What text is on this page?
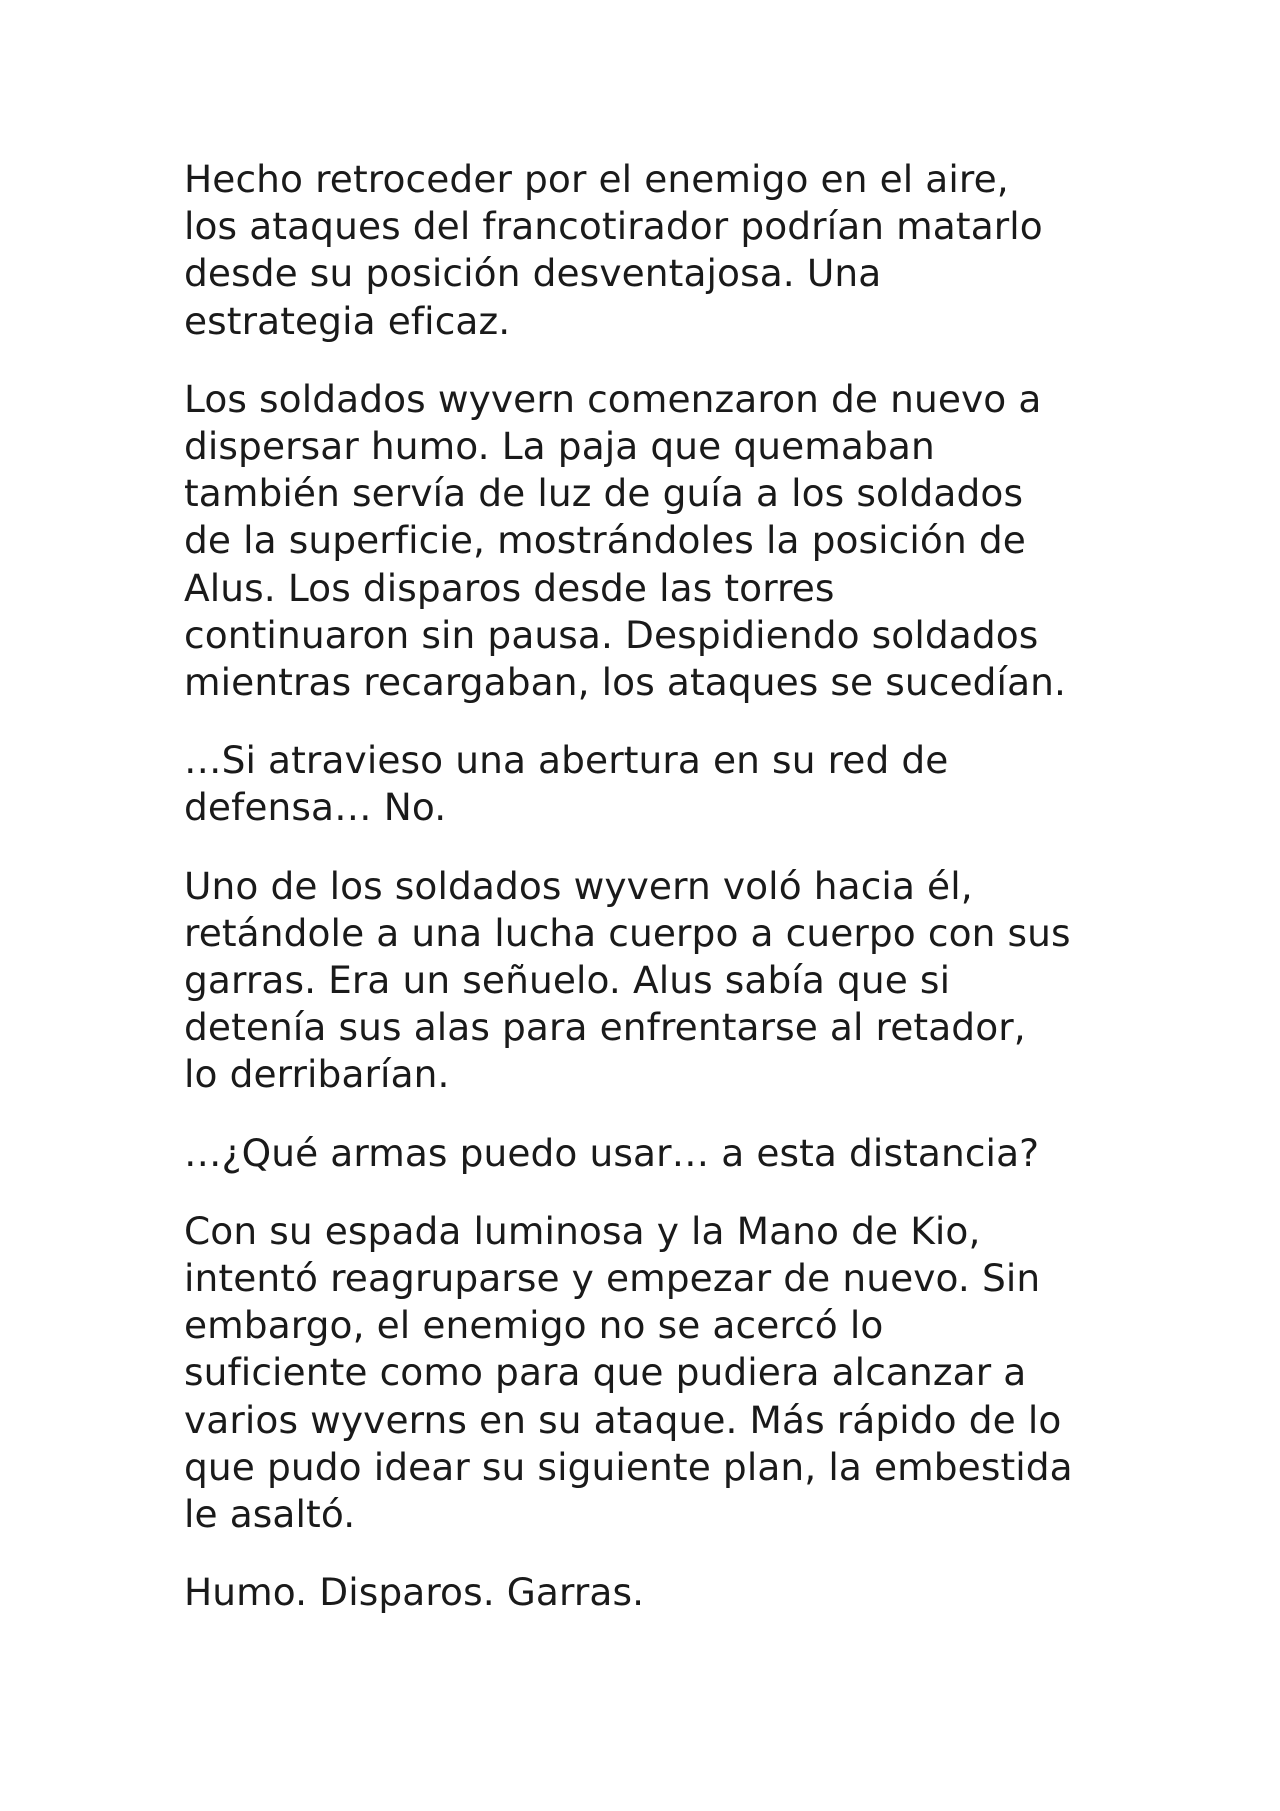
Hecho retroceder por el enemigo en el aire,
los ataques del francotirador podrían matarlo
desde su posición desventajosa. Una
estrategia eficaz.

Los soldados wyvern comenzaron de nuevo a
dispersar humo. La paja que quemaban
también servía de luz de guía a los soldados
de la superficie, mostrándoles la posición de
Alus. Los disparos desde las torres
continuaron sin pausa. Despidiendo soldados
mientras recargaban, los ataques se sucedían.

…Si atravieso una abertura en su red de
defensa… No.

Uno de los soldados wyvern voló hacia él,
retándole a una lucha cuerpo a cuerpo con sus
garras. Era un señuelo. Alus sabía que si
detenía sus alas para enfrentarse al retador,
lo derribarían.

…¿Qué armas puedo usar… a esta distancia?

Con su espada luminosa y la Mano de Kio,
intentó reagruparse y empezar de nuevo. Sin
embargo, el enemigo no se acercó lo
suficiente como para que pudiera alcanzar a
varios wyverns en su ataque. Más rápido de lo
que pudo idear su siguiente plan, la embestida
le asaltó.

Humo. Disparos. Garras.
